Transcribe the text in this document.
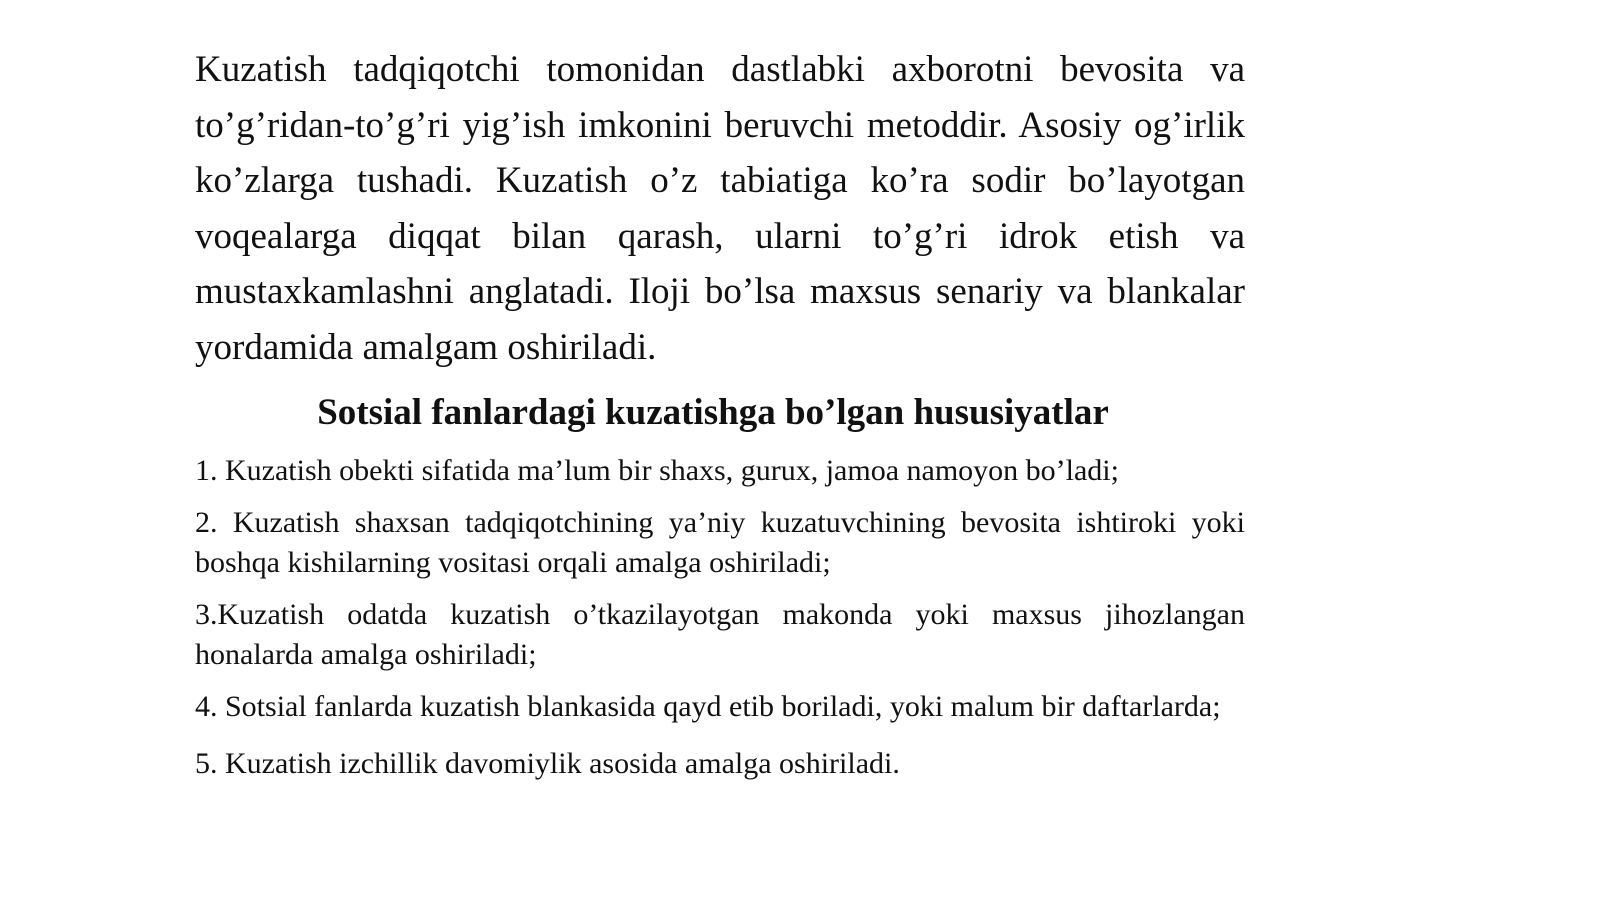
Kuzatish tadqiqotchi tomonidan dastlabki axborotni bevosita va to’g’ridan-to’g’ri yig’ish imkonini beruvchi metoddir. Asosiy og’irlik ko’zlarga tushadi. Kuzatish o’z tabiatiga ko’ra sodir bo’layotgan voqealarga diqqat bilan qarash, ularni to’g’ri idrok etish va mustaxkamlashni anglatadi. Iloji bo’lsa maxsus senariy va blankalar yordamida amalgam oshiriladi.

Sotsial fanlardagi kuzatishga bo’lgan hususiyatlar
1. Kuzatish obekti sifatida ma’lum bir shaxs, gurux, jamoa namoyon bo’ladi;
2. Kuzatish shaxsan tadqiqotchining ya’niy kuzatuvchining bevosita ishtiroki yoki boshqa kishilarning vositasi orqali amalga oshiriladi;
3.Kuzatish odatda kuzatish o’tkazilayotgan makonda yoki maxsus jihozlangan honalarda amalga oshiriladi;
4. Sotsial fanlarda kuzatish blankasida qayd etib boriladi, yoki malum bir daftarlarda;
5. Kuzatish izchillik davomiylik asosida amalga oshiriladi.
